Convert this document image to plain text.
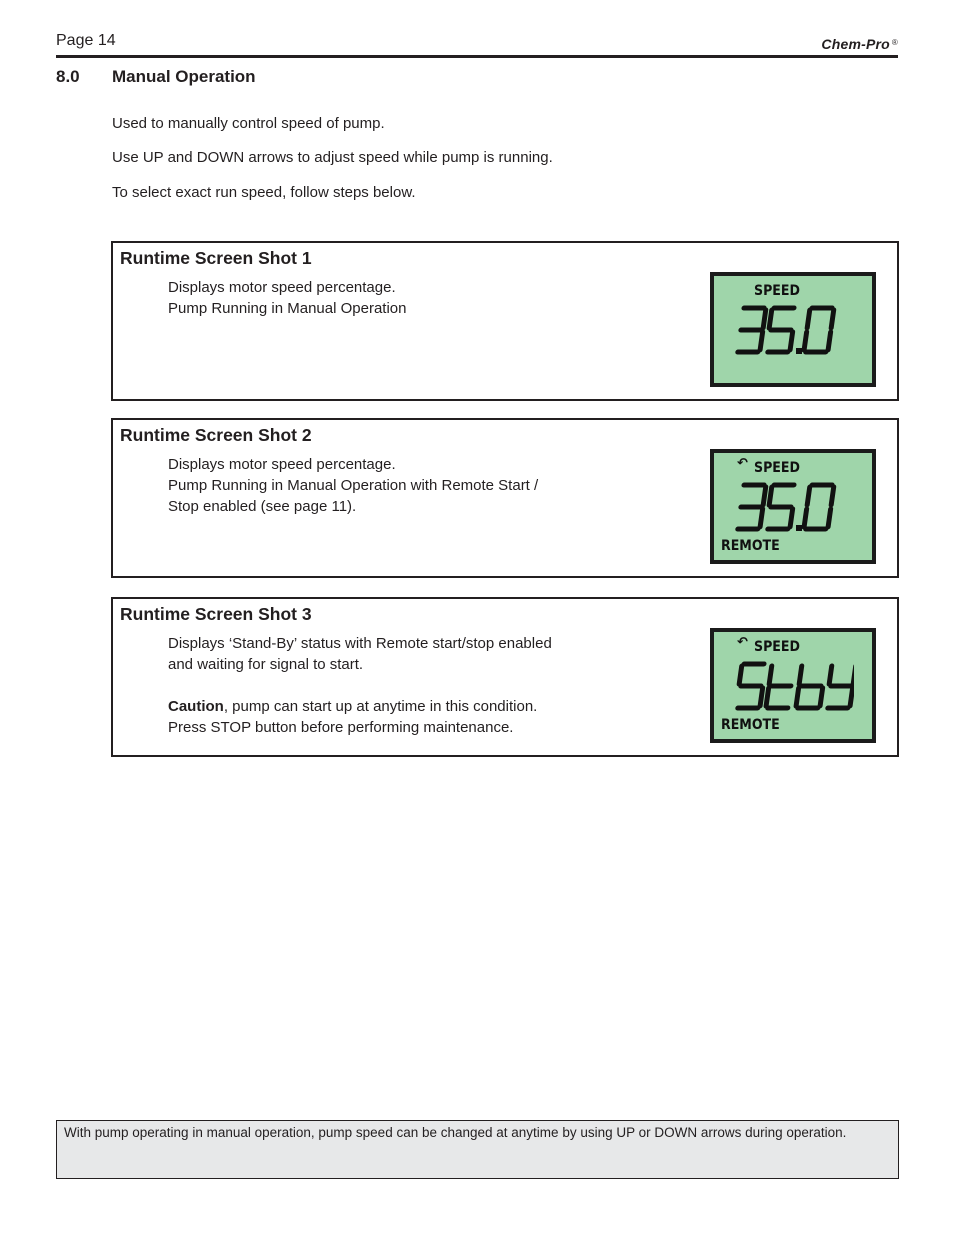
Page 14	Chem-Pro ®
8.0 Manual Operation

Used to manually control speed of pump.

Use UP and DOWN arrows to adjust speed while pump is running.

To select exact run speed, follow steps below.

Runtime Screen Shot 1
Displays motor speed percentage.
Pump Running in Manual Operation
SPEED
Runtime Screen Shot 2
Displays motor speed percentage.
Pump Running in Manual Operation with Remote Start /
Stop enabled (see page 11).
↶ SPEED
REMOTE
Runtime Screen Shot 3
Displays ‘Stand-By’ status with Remote start/stop enabled
and waiting for signal to start.
Caution, pump can start up at anytime in this condition.
Press STOP button before performing maintenance.
↶ SPEED
REMOTE
With pump operating in manual operation, pump speed can be changed at anytime by using UP or DOWN arrows during operation.
